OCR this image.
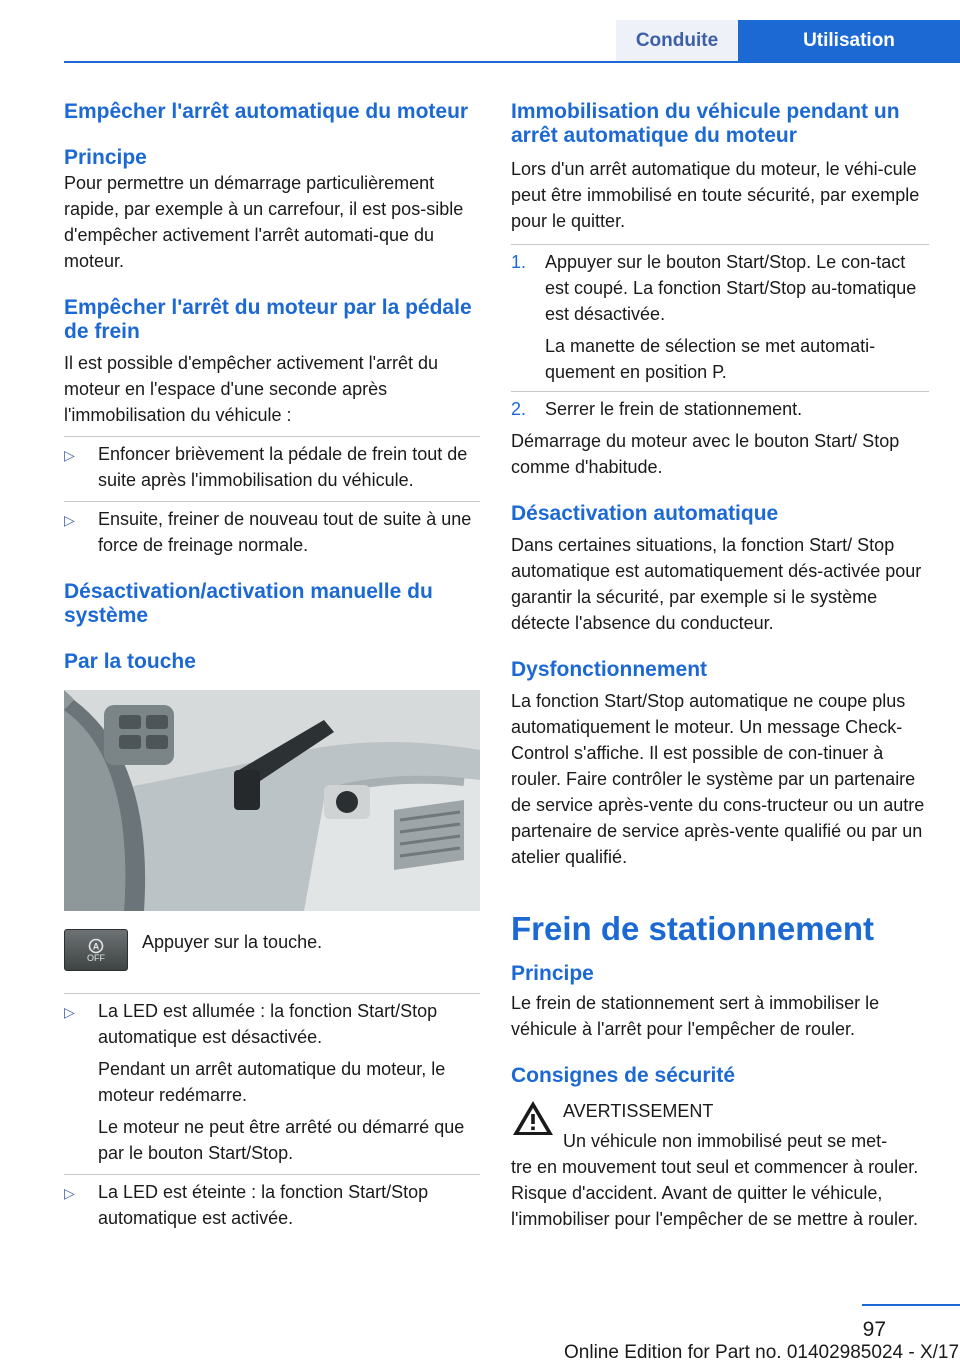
Conduite	Utilisation

Empêcher l'arrêt automatique du moteur

Principe

Pour permettre un démarrage particulièrement rapide, par exemple à un carrefour, il est pos-sible d'empêcher activement l'arrêt automati-que du moteur.

Empêcher l'arrêt du moteur par la pédale de frein

Il est possible d'empêcher activement l'arrêt du moteur en l'espace d'une seconde après l'immobilisation du véhicule :

▷	Enfoncer brièvement la pédale de frein tout de suite après l'immobilisation du véhicule.
▷	Ensuite, freiner de nouveau tout de suite à une force de freinage normale.

Désactivation/activation manuelle du système

Par la touche

A
OFF

Appuyer sur la touche.

▷	La LED est allumée : la fonction Start/Stop automatique est désactivée.

Pendant un arrêt automatique du moteur, le moteur redémarre.

Le moteur ne peut être arrêté ou démarré que par le bouton Start/Stop.

▷	La LED est éteinte : la fonction Start/Stop automatique est activée.

Immobilisation du véhicule pendant un arrêt automatique du moteur

Lors d'un arrêt automatique du moteur, le véhi-cule peut être immobilisé en toute sécurité, par exemple pour le quitter.

1.	Appuyer sur le bouton Start/Stop. Le con-tact est coupé. La fonction Start/Stop au-tomatique est désactivée.

La manette de sélection se met automati-quement en position P.

2.	Serrer le frein de stationnement.

Démarrage du moteur avec le bouton Start/ Stop comme d'habitude.

Désactivation automatique

Dans certaines situations, la fonction Start/ Stop automatique est automatiquement dés-activée pour garantir la sécurité, par exemple si le système détecte l'absence du conducteur.

Dysfonctionnement

La fonction Start/Stop automatique ne coupe plus automatiquement le moteur. Un message Check-Control s'affiche. Il est possible de con-tinuer à rouler. Faire contrôler le système par un partenaire de service après-vente du cons-tructeur ou un autre partenaire de service après-vente qualifié ou par un atelier qualifié.

Frein de stationnement

Principe

Le frein de stationnement sert à immobiliser le véhicule à l'arrêt pour l'empêcher de rouler.

Consignes de sécurité

AVERTISSEMENT

Un véhicule non immobilisé peut se met-

tre en mouvement tout seul et commencer à rouler. Risque d'accident. Avant de quitter le véhicule, l'immobiliser pour l'empêcher de se mettre à rouler.

97
Online Edition for Part no. 01402985024 - X/17
